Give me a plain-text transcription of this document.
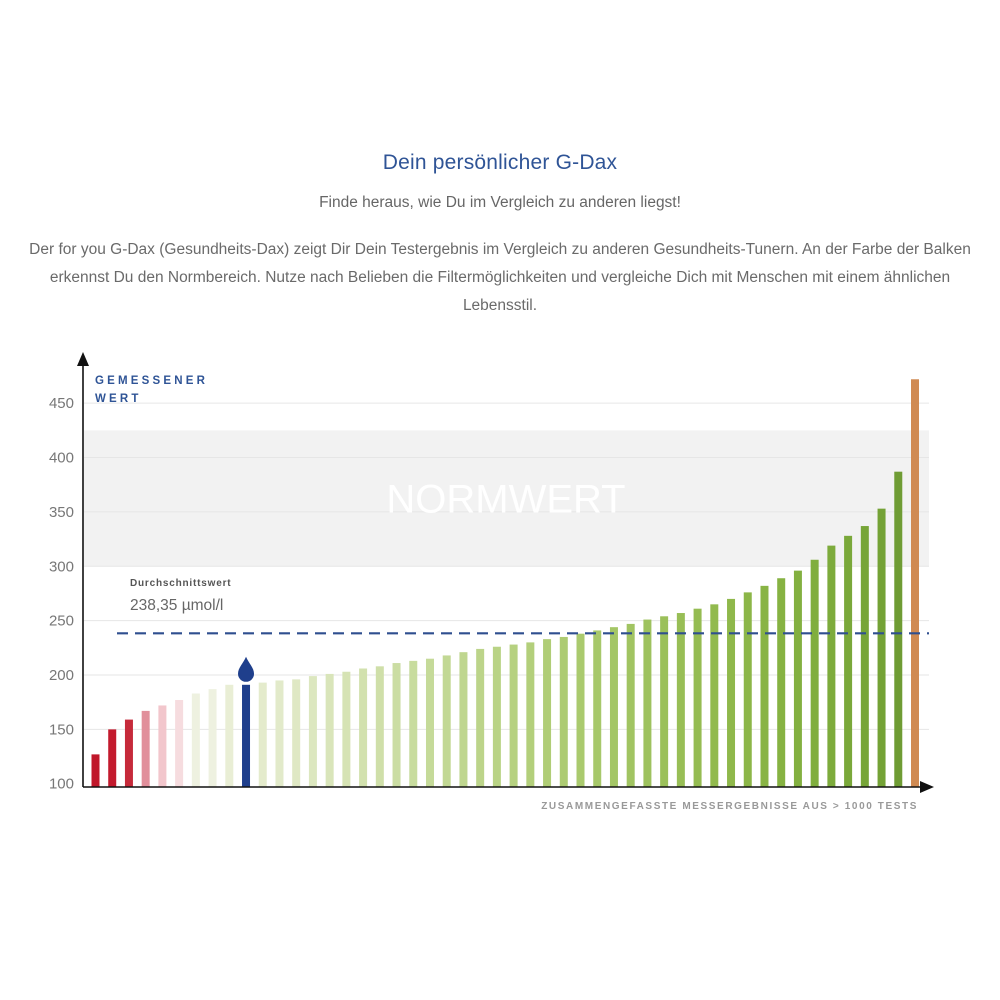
Dein persönlicher G-Dax
Finde heraus, wie Du im Vergleich zu anderen liegst!
Der for you G-Dax (Gesundheits-Dax) zeigt Dir Dein Testergebnis im Vergleich zu anderen Gesundheits-Tunern. An der Farbe der Balken erkennst Du den Normbereich. Nutze nach Belieben die Filtermöglichkeiten und vergleiche Dich mit Menschen mit einem ähnlichen Lebensstil.
NORMWERT
Durchschnittswert
238,35 µmol/l
100
150
200
250
300
350
400
450
GEMESSENER
WERT
ZUSAMMENGEFASSTE MESSERGEBNISSE AUS > 1000 TESTS
